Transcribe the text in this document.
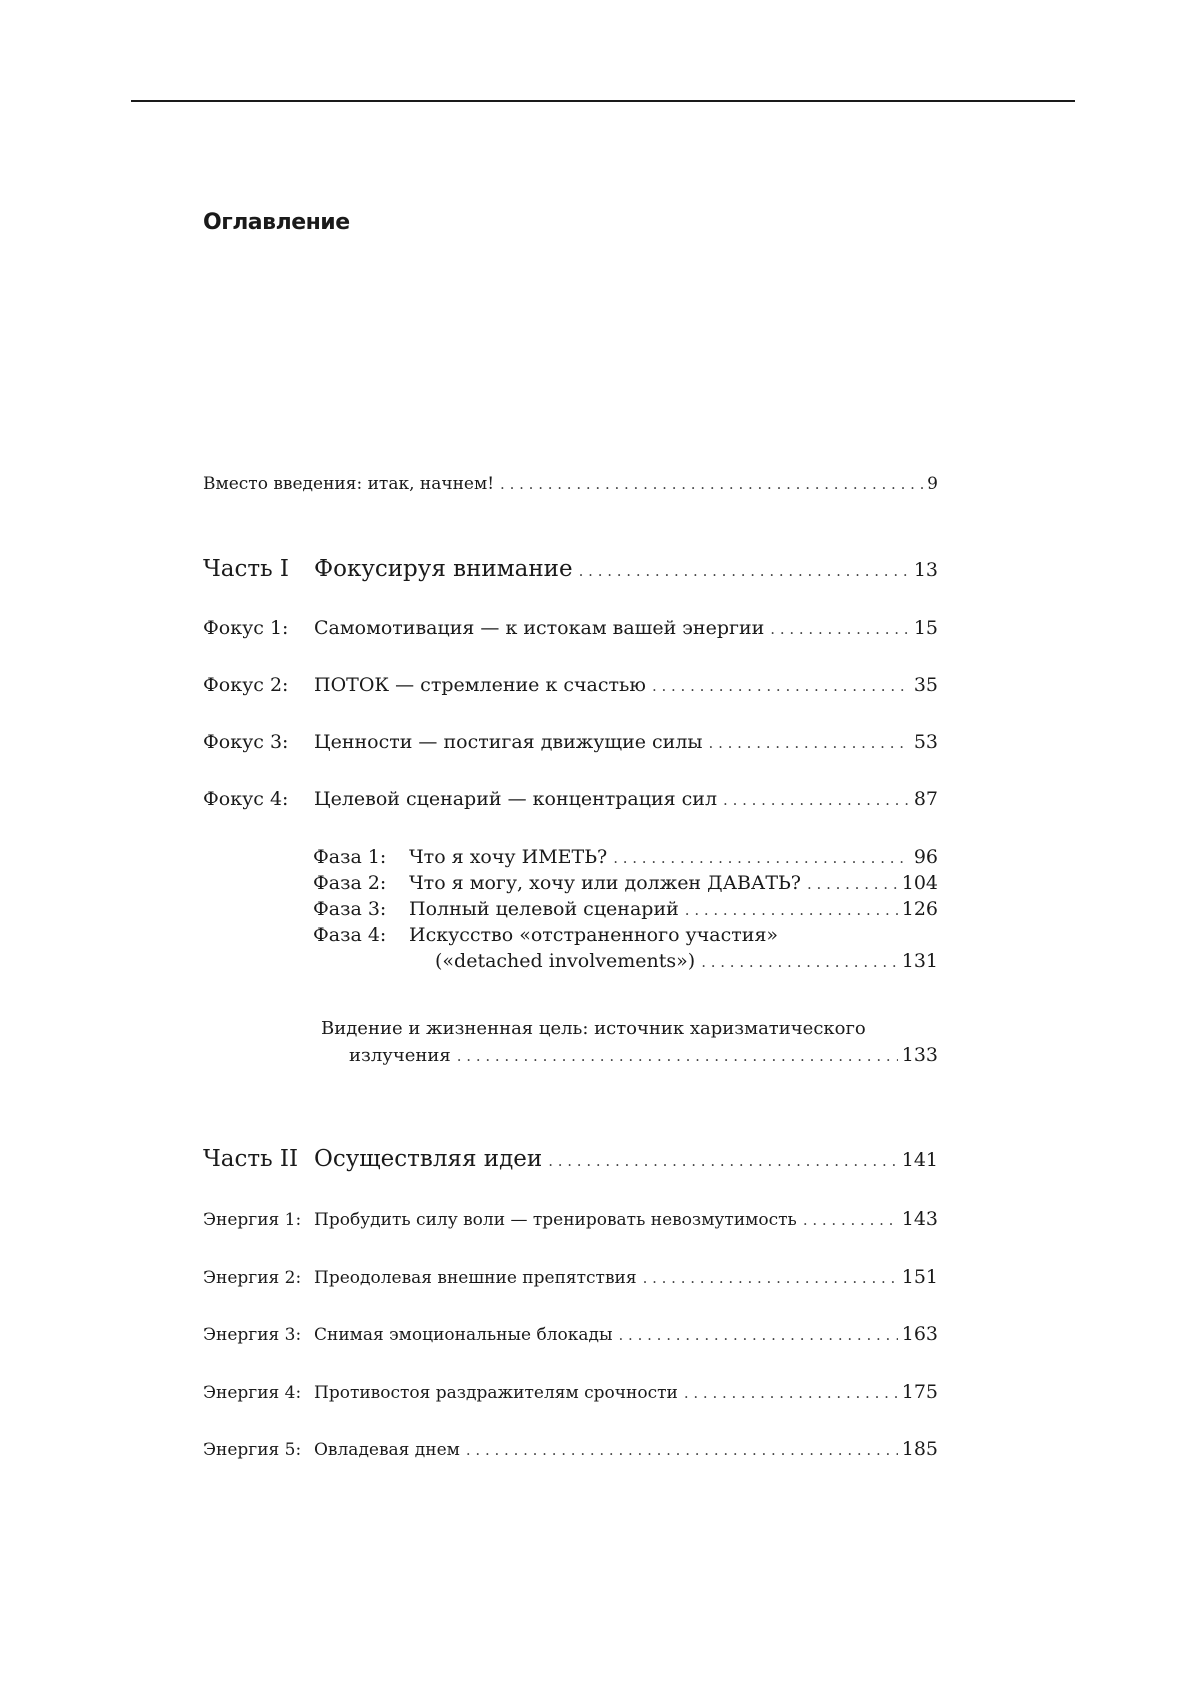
Оглавление
Вместо введения: итак, начнем! . . .	9
Часть I	Фокусируя внимание . . .	13
Фокус 1:	Самомотивация — к истокам вашей энергии . . .	15
Фокус 2:	ПОТОК — стремление к счастью . . .	35
Фокус 3:	Ценности — постигая движущие силы . . .	53
Фокус 4:	Целевой сценарий — концентрация сил . . .	87
Фаза 1:	Что я хочу ИМЕТЬ? . . .	96
Фаза 2:	Что я могу, хочу или должен ДАВАТЬ? . . .	104
Фаза 3:	Полный целевой сценарий . . .	126
Фаза 4: Искусство «отстраненного участия»
(«detached involvements») . . .	131
Видение и жизненная цель: источник харизматического
излучения . . .	133
Часть II Осуществляя идеи . . .	141
Энергия 1: Пробудить силу воли — тренировать невозмутимость . . .	143
Энергия 2: Преодолевая внешние препятствия . . .	151
Энергия 3: Снимая эмоциональные блокады . . .	163
Энергия 4: Противостоя раздражителям срочности . . .	175
Энергия 5: Овладевая днем . . .	185
